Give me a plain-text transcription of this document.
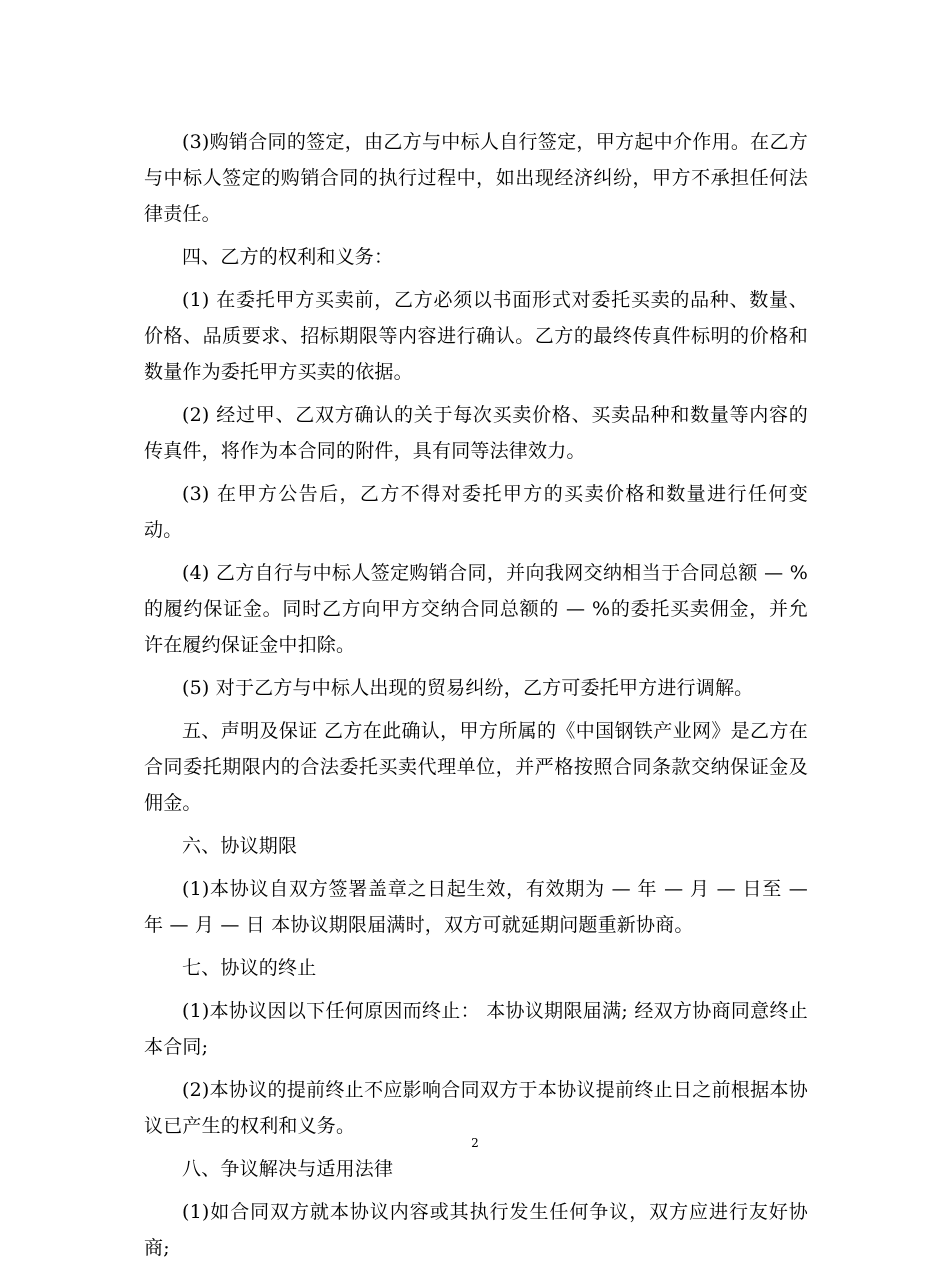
(3)购销合同的签定，由乙方与中标人自行签定，甲方起中介作用。在乙方与中标人签定的购销合同的执行过程中，如出现经济纠纷，甲方不承担任何法律责任。

四、乙方的权利和义务：

(1) 在委托甲方买卖前，乙方必须以书面形式对委托买卖的品种、数量、价格、品质要求、招标期限等内容进行确认。乙方的最终传真件标明的价格和数量作为委托甲方买卖的依据。

(2) 经过甲、乙双方确认的关于每次买卖价格、买卖品种和数量等内容的传真件，将作为本合同的附件，具有同等法律效力。

(3) 在甲方公告后，乙方不得对委托甲方的买卖价格和数量进行任何变动。

(4) 乙方自行与中标人签定购销合同，并向我网交纳相当于合同总额 — %的履约保证金。同时乙方向甲方交纳合同总额的 — %的委托买卖佣金，并允许在履约保证金中扣除。

(5) 对于乙方与中标人出现的贸易纠纷，乙方可委托甲方进行调解。

五、声明及保证 乙方在此确认，甲方所属的《中国钢铁产业网》是乙方在合同委托期限内的合法委托买卖代理单位，并严格按照合同条款交纳保证金及佣金。

六、协议期限

(1)本协议自双方签署盖章之日起生效，有效期为 — 年 — 月 — 日至 — 年 — 月 — 日 本协议期限届满时，双方可就延期问题重新协商。

七、协议的终止

(1)本协议因以下任何原因而终止： 本协议期限届满; 经双方协商同意终止本合同;

(2)本协议的提前终止不应影响合同双方于本协议提前终止日之前根据本协议已产生的权利和义务。

八、争议解决与适用法律

(1)如合同双方就本协议内容或其执行发生任何争议，双方应进行友好协商;

2
